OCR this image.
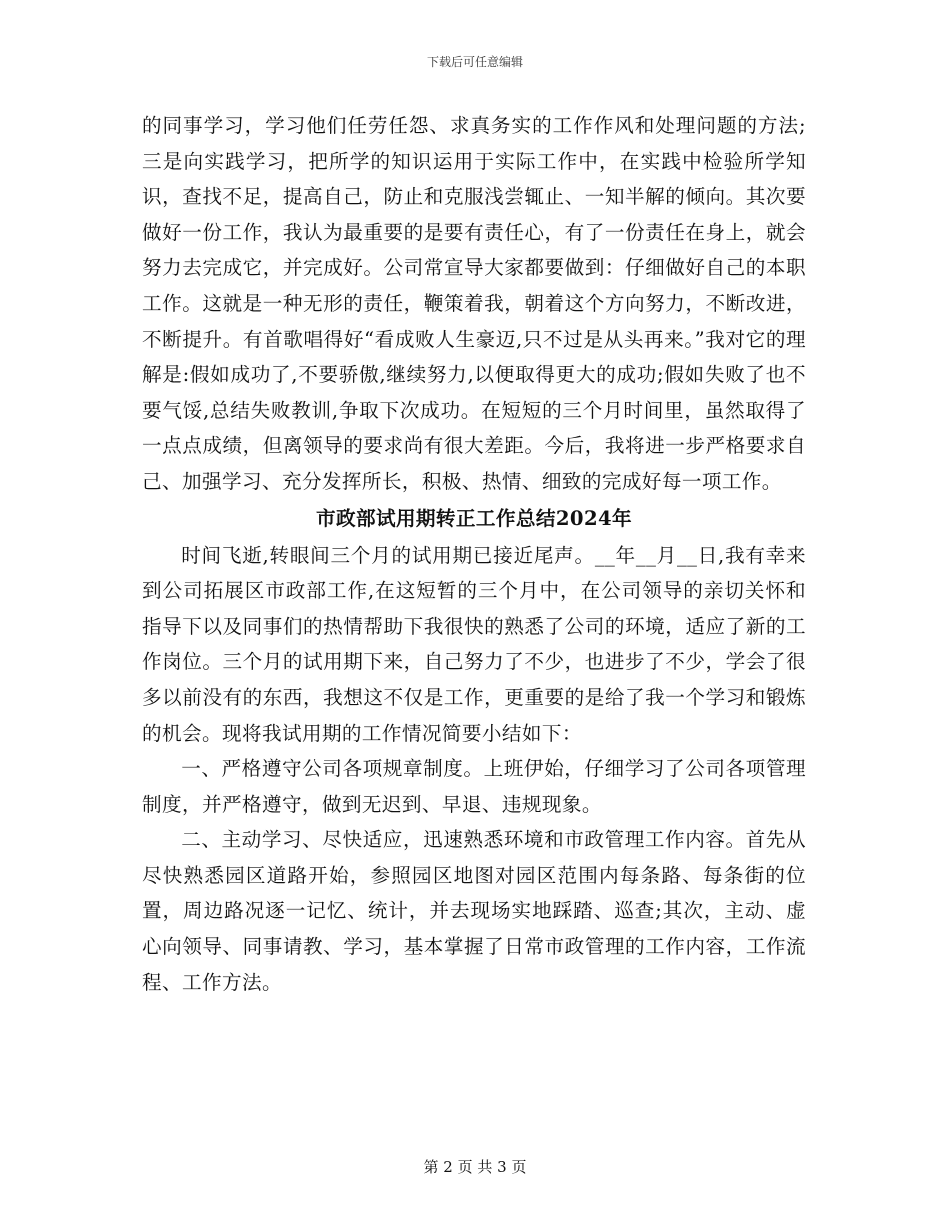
下载后可任意编辑

的同事学习，学习他们任劳任怨、求真务实的工作作风和处理问题的方法;三是向实践学习，把所学的知识运用于实际工作中，在实践中检验所学知识，查找不足，提高自己，防止和克服浅尝辄止、一知半解的倾向。其次要做好一份工作，我认为最重要的是要有责任心，有了一份责任在身上，就会努力去完成它，并完成好。公司常宣导大家都要做到：仔细做好自己的本职工作。这就是一种无形的责任，鞭策着我，朝着这个方向努力，不断改进，不断提升。有首歌唱得好“看成败人生豪迈,只不过是从头再来。”我对它的理解是:假如成功了,不要骄傲,继续努力,以便取得更大的成功;假如失败了也不要气馁,总结失败教训,争取下次成功。在短短的三个月时间里，虽然取得了一点点成绩，但离领导的要求尚有很大差距。今后，我将进一步严格要求自己、加强学习、充分发挥所长，积极、热情、细致的完成好每一项工作。

市政部试用期转正工作总结2024年

时间飞逝,转眼间三个月的试用期已接近尾声。__年__月__日,我有幸来到公司拓展区市政部工作,在这短暂的三个月中，在公司领导的亲切关怀和指导下以及同事们的热情帮助下我很快的熟悉了公司的环境，适应了新的工作岗位。三个月的试用期下来，自己努力了不少，也进步了不少，学会了很多以前没有的东西，我想这不仅是工作，更重要的是给了我一个学习和锻炼的机会。现将我试用期的工作情况简要小结如下：

一、严格遵守公司各项规章制度。上班伊始，仔细学习了公司各项管理制度，并严格遵守，做到无迟到、早退、违规现象。

二、主动学习、尽快适应，迅速熟悉环境和市政管理工作内容。首先从尽快熟悉园区道路开始，参照园区地图对园区范围内每条路、每条街的位置，周边路况逐一记忆、统计，并去现场实地踩踏、巡查;其次，主动、虚心向领导、同事请教、学习，基本掌握了日常市政管理的工作内容，工作流程、工作方法。

第 2 页 共 3 页
